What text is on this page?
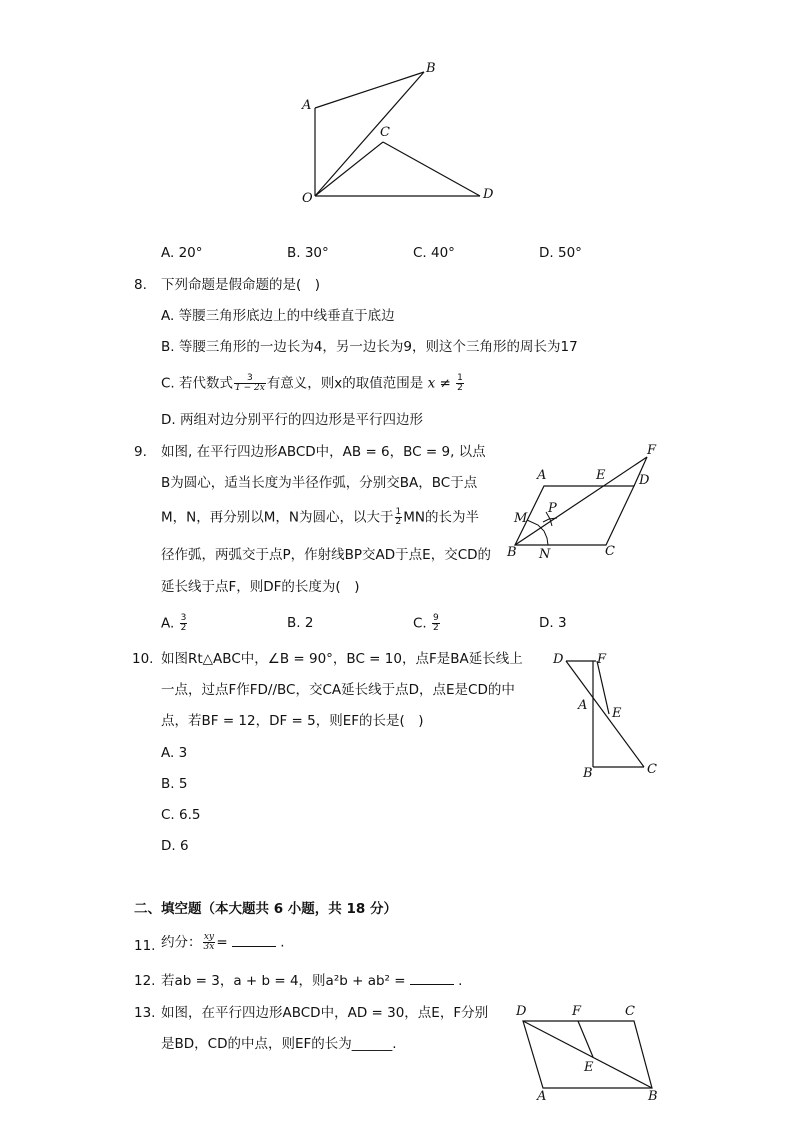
A
B
C
O	D
A. 20°	B. 30°	C. 40°	D. 50°
8. 下列命题是假命题的是(　)
A. 等腰三角形底边上的中线垂直于底边
B. 等腰三角形的一边长为4，另一边长为9，则这个三角形的周长为17
C. 若代数式 $\frac{3}{1 - 2x}$ 有意义，则x的取值范围是 $x \ne \frac{1}{2}$
D. 两组对边分别平行的四边形是平行四边形
9. 如图, 在平行四边形ABCD中，AB = 6，BC = 9, 以点
B为圆心，适当长度为半径作弧，分别交BA，BC于点
M，N，再分别以M，N为圆心，以大于 $\frac{1}{2}$ MN的长为半
径作弧，两弧交于点P，作射线BP交AD于点E，交CD的
延长线于点F，则DF的长度为(　)
A	E	D
F
M
P
B N	C
A. $\frac{3}{2}$	B. 2	C. $\frac{9}{2}$	D. 3
10. 如图Rt△ABC中，∠B = 90°，BC = 10，点F是BA延长线上
一点，过点F作FD//BC，交CA延长线于点D，点E是CD的中
点，若BF = 12，DF = 5，则EF的长是(　)
A. 3
B. 5
C. 6.5
D. 6
D	F
A
E
B	C
二、填空题（本大题共 6 小题，共 18 分）
11. 约分： $\frac{xy}{3x}$ =	.
12. 若ab = 3，a + b = 4，则a²b + ab² =	.
13. 如图，在平行四边形ABCD中，AD = 30，点E，F分别
是BD，CD的中点，则EF的长为______.
D	F	C
E
A	B
